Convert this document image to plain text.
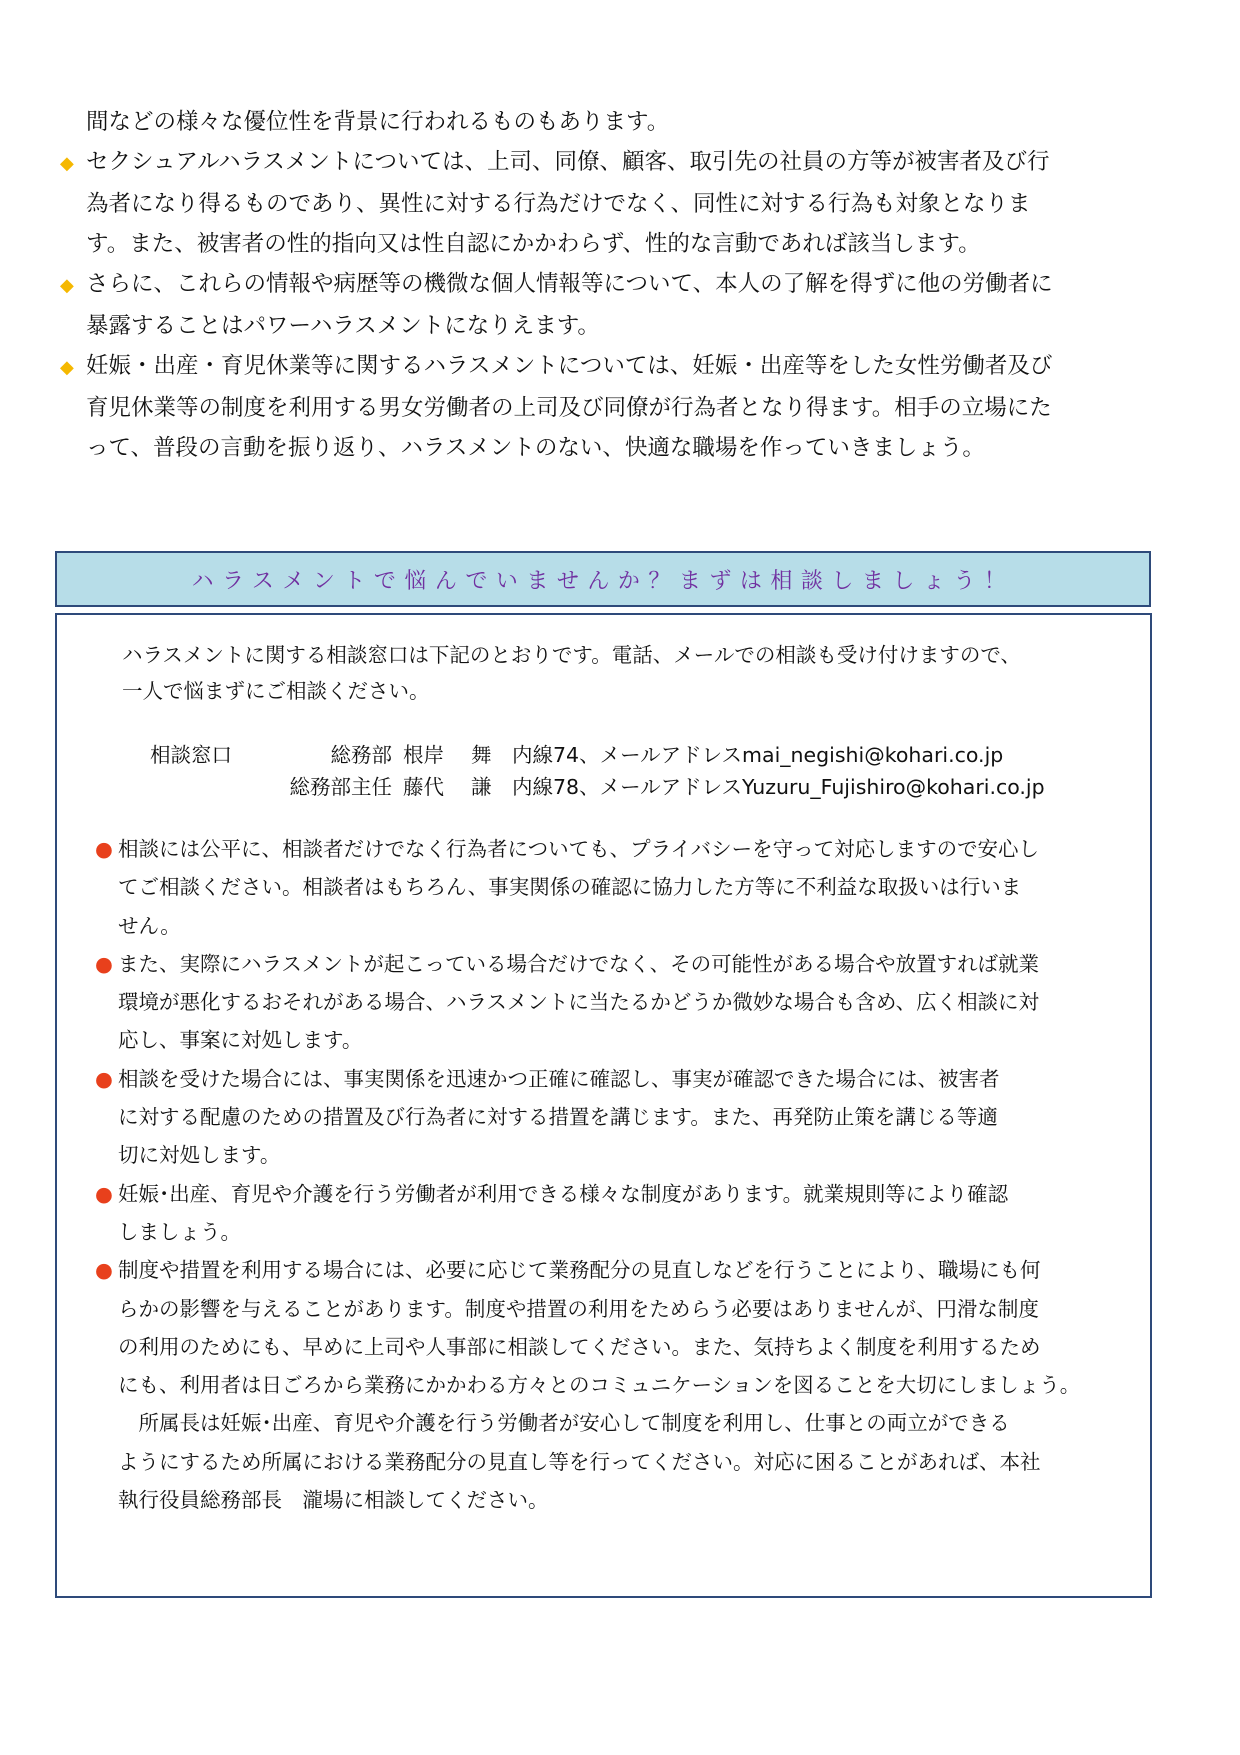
間などの様々な優位性を背景に行われるものもあります。
◆ セクシュアルハラスメントについては、上司、同僚、顧客、取引先の社員の方等が被害者及び行
為者になり得るものであり、異性に対する行為だけでなく、同性に対する行為も対象となりま
す。また、被害者の性的指向又は性自認にかかわらず、性的な言動であれば該当します。
◆ さらに、これらの情報や病歴等の機微な個人情報等について、本人の了解を得ずに他の労働者に
暴露することはパワーハラスメントになりえます。
◆ 妊娠・出産・育児休業等に関するハラスメントについては、妊娠・出産等をした女性労働者及び
育児休業等の制度を利用する男女労働者の上司及び同僚が行為者となり得ます。相手の立場にた
って、普段の言動を振り返り、ハラスメントのない、快適な職場を作っていきましょう。
ハラスメントで悩んでいませんか？まずは相談しましょう！
ハラスメントに関する相談窓口は下記のとおりです。電話、メールでの相談も受け付けますので、
一人で悩まずにご相談ください。
相談窓口	総務部 根岸　 舞 内線74、メールアドレスmai_negishi@kohari.co.jp
総務部主任 藤代　 謙 内線78、メールアドレスYuzuru_Fujishiro@kohari.co.jp
● 相談には公平に、相談者だけでなく行為者についても、プライバシーを守って対応しますので安心し
てご相談ください。相談者はもちろん、事実関係の確認に協力した方等に不利益な取扱いは行いま
せん。
● また、実際にハラスメントが起こっている場合だけでなく、その可能性がある場合や放置すれば就業
環境が悪化するおそれがある場合、ハラスメントに当たるかどうか微妙な場合も含め、広く相談に対
応し、事案に対処します。
● 相談を受けた場合には、事実関係を迅速かつ正確に確認し、事実が確認できた場合には、被害者
に対する配慮のための措置及び行為者に対する措置を講じます。また、再発防止策を講じる等適
切に対処します。
● 妊娠･出産、育児や介護を行う労働者が利用できる様々な制度があります。就業規則等により確認
しましょう。
● 制度や措置を利用する場合には、必要に応じて業務配分の見直しなどを行うことにより、職場にも何
らかの影響を与えることがあります。制度や措置の利用をためらう必要はありませんが、円滑な制度
の利用のためにも、早めに上司や人事部に相談してください。また、気持ちよく制度を利用するため
にも、利用者は日ごろから業務にかかわる方々とのコミュニケーションを図ることを大切にしましょう。
　所属長は妊娠･出産、育児や介護を行う労働者が安心して制度を利用し、仕事との両立ができる
ようにするため所属における業務配分の見直し等を行ってください。対応に困ることがあれば、本社
執行役員総務部長　瀧場に相談してください。
